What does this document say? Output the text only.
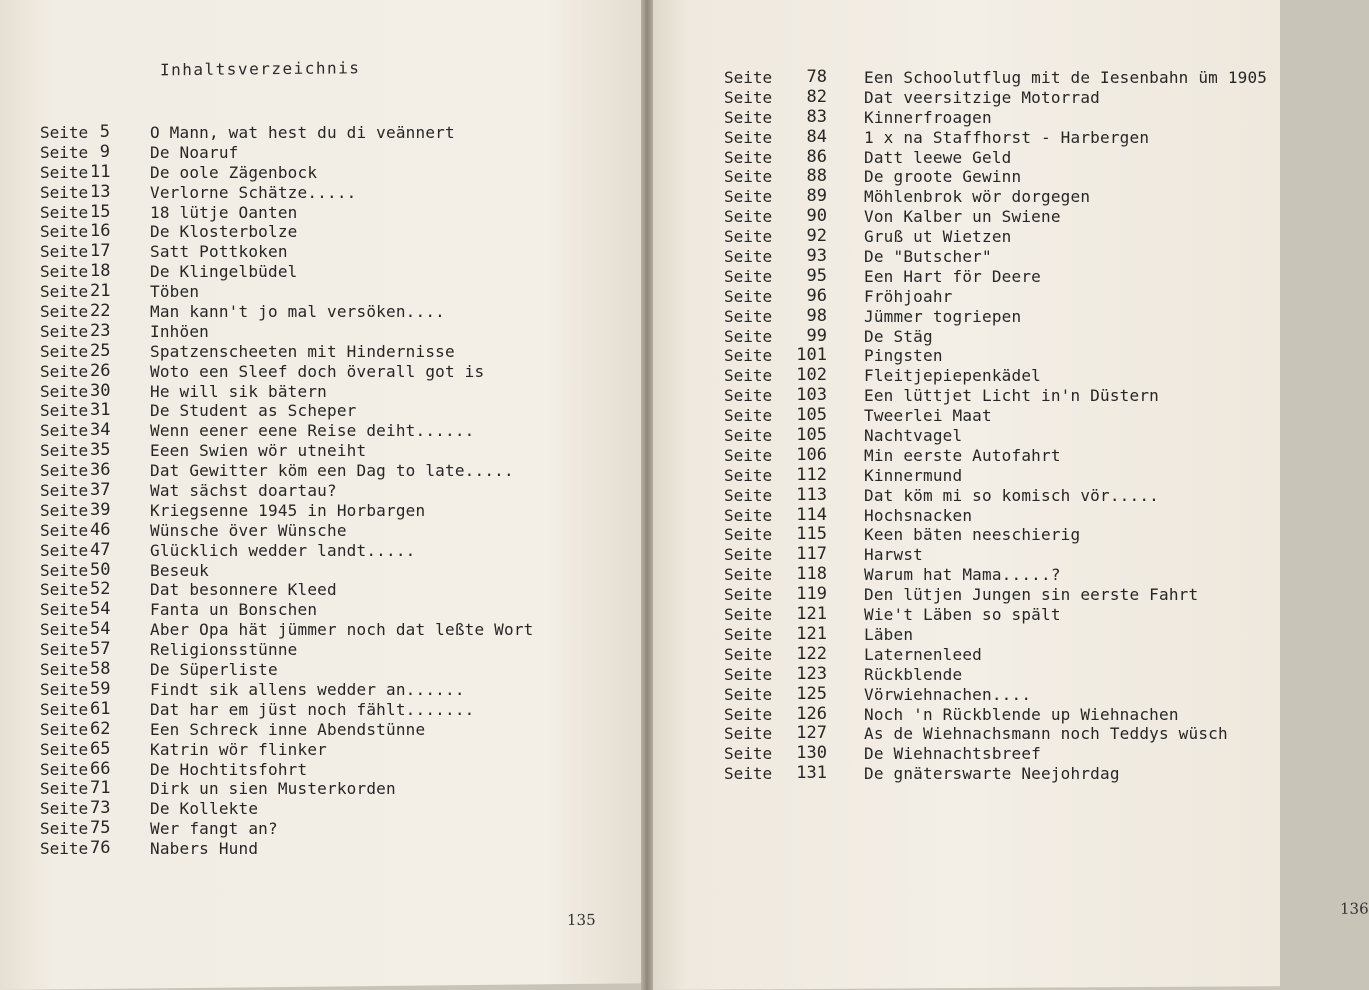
Inhaltsverzeichnis
135
136
Seite 5	O Mann, wat hest du di veännert
Seite 9	De Noaruf
Seite 11	De oole Zägenbock
Seite 13	Verlorne Schätze.....
Seite 15	18 lütje Oanten
Seite 16	De Klosterbolze
Seite 17	Satt Pottkoken
Seite 18	De Klingelbüdel
Seite 21	Töben
Seite 22	Man kann't jo mal versöken....
Seite 23	Inhöen
Seite 25	Spatzenscheeten mit Hindernisse
Seite 26	Woto een Sleef doch överall got is
Seite 30	He will sik bätern
Seite 31	De Student as Scheper
Seite 34	Wenn eener eene Reise deiht......
Seite 35	Eeen Swien wör utneiht
Seite 36	Dat Gewitter köm een Dag to late.....
Seite 37	Wat sächst doartau?
Seite 39	Kriegsenne 1945 in Horbargen
Seite 46	Wünsche över Wünsche
Seite 47	Glücklich wedder landt.....
Seite 50	Beseuk
Seite 52	Dat besonnere Kleed
Seite 54	Fanta un Bonschen
Seite 54	Aber Opa hät jümmer noch dat leßte Wort
Seite 57	Religionsstünne
Seite 58	De Süperliste
Seite 59	Findt sik allens wedder an......
Seite 61	Dat har em jüst noch fählt.......
Seite 62	Een Schreck inne Abendstünne
Seite 65	Katrin wör flinker
Seite 66	De Hochtitsfohrt
Seite 71	Dirk un sien Musterkorden
Seite 73	De Kollekte
Seite 75	Wer fangt an?
Seite 76	Nabers Hund
Seite	78	Een Schoolutflug mit de Iesenbahn üm 1905
Seite	82	Dat veersitzige Motorrad
Seite	83	Kinnerfroagen
Seite	84	1 x na Staffhorst - Harbergen
Seite	86	Datt leewe Geld
Seite	88	De groote Gewinn
Seite	89	Möhlenbrok wör dorgegen
Seite	90	Von Kalber un Swiene
Seite	92	Gruß ut Wietzen
Seite	93	De "Butscher"
Seite	95	Een Hart för Deere
Seite	96	Fröhjoahr
Seite	98	Jümmer togriepen
Seite	99	De Stäg
Seite	101	Pingsten
Seite	102	Fleitjepiepenkädel
Seite	103	Een lüttjet Licht in'n Düstern
Seite	105	Tweerlei Maat
Seite	105	Nachtvagel
Seite	106	Min eerste Autofahrt
Seite	112	Kinnermund
Seite	113	Dat köm mi so komisch vör.....
Seite	114	Hochsnacken
Seite	115	Keen bäten neeschierig
Seite	117	Harwst
Seite	118	Warum hat Mama.....?
Seite	119	Den lütjen Jungen sin eerste Fahrt
Seite	121	Wie't Läben so spält
Seite	121	Läben
Seite	122	Laternenleed
Seite	123	Rückblende
Seite	125	Vörwiehnachen....
Seite	126	Noch 'n Rückblende up Wiehnachen
Seite	127	As de Wiehnachsmann noch Teddys wüsch
Seite	130	De Wiehnachtsbreef
Seite	131	De gnäterswarte Neejohrdag
